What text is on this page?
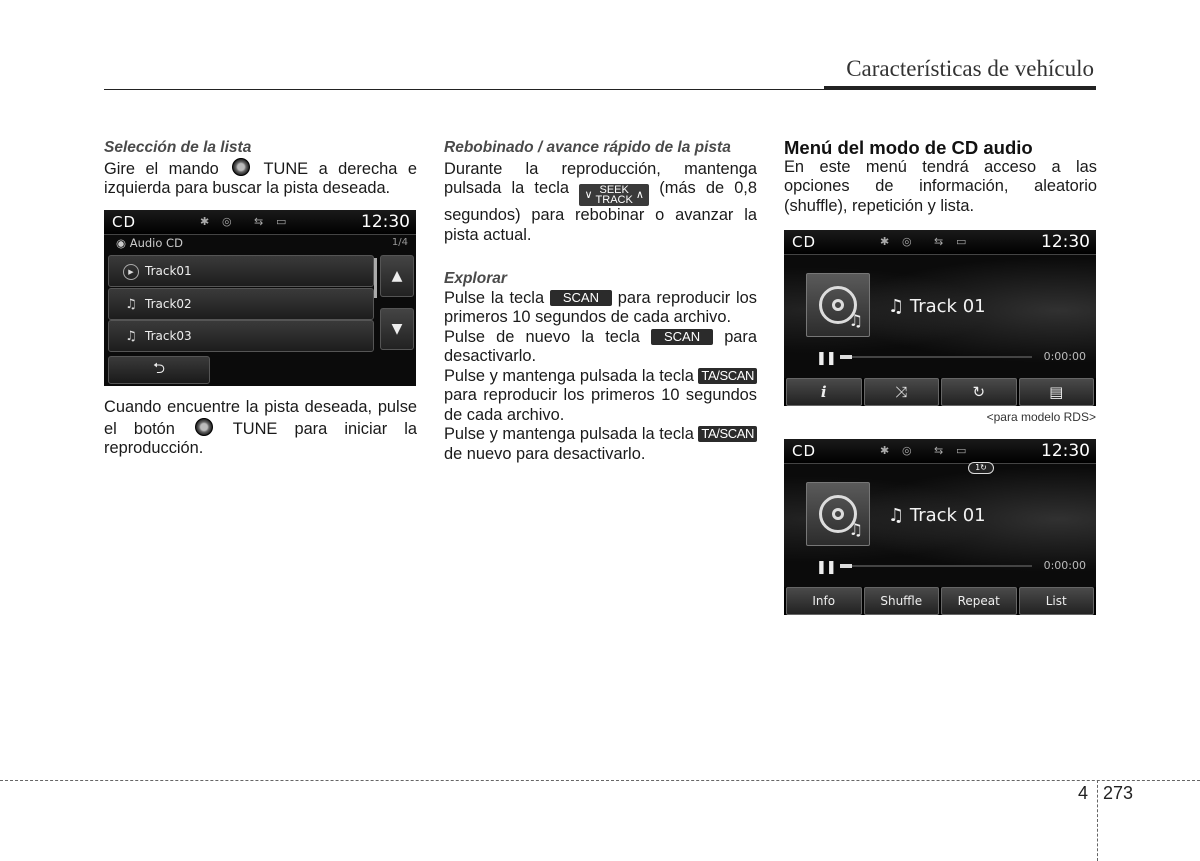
Características de vehículo

Selección de la lista

Gire el mando	TUNE a derecha e izquierda para buscar la pista deseada.

CD	✱ ◎ ⇆ ▭	12:30
◉ Audio CD	1/4
▶ Track01
♫ Track02
♫ Track03
▲
▼
⮌

Cuando encuentre la pista deseada, pulse el botón	TUNE para iniciar la reproducción.

Rebobinado / avance rápido de la pista

Durante la reproducción, mantenga pulsada la tecla ∨ SEEK
TRACK ∧ (más de 0,8 segundos) para rebobinar o avanzar la pista actual.

Explorar

Pulse la tecla SCAN para reproducir los primeros 10 segundos de cada archivo.

Pulse de nuevo la tecla SCAN para desactivarlo.

Pulse y mantenga pulsada la tecla TA/SCAN para reproducir los primeros 10 segundos de cada archivo.

Pulse y mantenga pulsada la tecla TA/SCAN de nuevo para desactivarlo.

Menú del modo de CD audio

En este menú tendrá acceso a las opciones de información, aleatorio (shuffle), repetición y lista.

CD	✱ ◎ ⇆ ▭	12:30
♫
♫ Track 01
❚❚	0:00:00
i	⤨	↻	▤
<para modelo RDS>
CD	✱ ◎ ⇆ ▭	12:30
1↻
♫
♫ Track 01
❚❚	0:00:00
Info	Shuffle	Repeat	List
4 273
